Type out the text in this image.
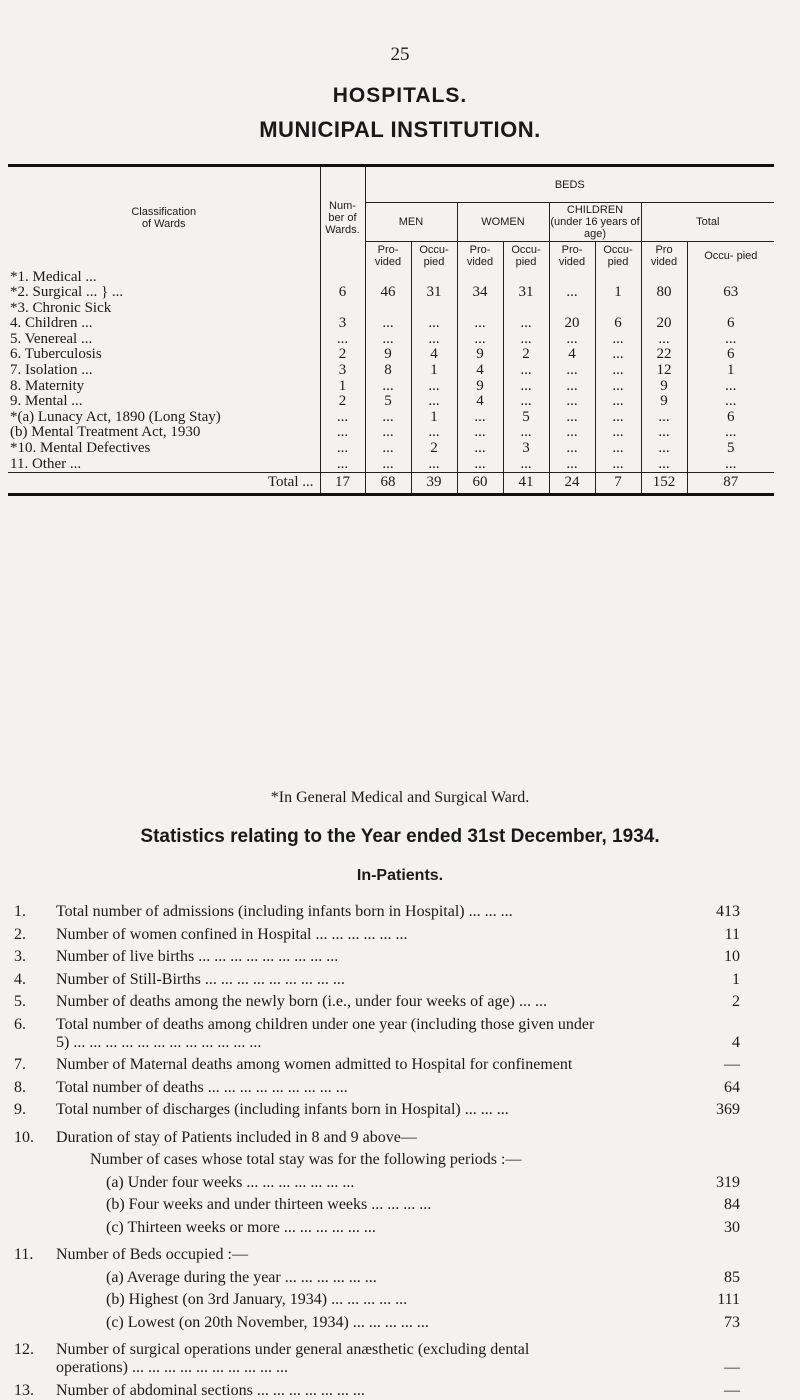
25
HOSPITALS.
MUNICIPAL INSTITUTION.
Classification of Wards	Num- ber of Wards.	BEDS							
		MEN		WOMEN		CHILDREN (under 16 years of age)		Total	
		Pro- vided	Occu- pied	Pro- vided	Occu- pied	Pro- vided	Occu- pied	Pro vided	Occu- pied
*1. Medical ...									
*2. Surgical ... } ...	6	46	31	34	31	...	1	80	63
*3. Chronic Sick									
4. Children ...	3	...	...	...	...	20	6	20	6
5. Venereal ...	...	...	...	...	...	...	...	...	...
6. Tuberculosis	2	9	4	9	2	4	...	22	6
7. Isolation ...	3	8	1	4	...	...	...	12	1
8. Maternity	1	...	...	9	...	...	...	9	...
9. Mental ...	2	5	...	4	...	...	...	9	...
*(a) Lunacy Act, 1890 (Long Stay)	...	...	1	...	5	...	...	...	6
(b) Mental Treatment Act, 1930	...	...	...	...	...	...	...	...	...
*10. Mental Defectives	...	...	2	...	3	...	...	...	5
11. Other ...	...	...	...	...	...	...	...	...	...
Total ...	17	68	39	60	41	24	7	152	87
*In General Medical and Surgical Ward.
Statistics relating to the Year ended 31st December, 1934.
In-Patients.
1. Total number of admissions (including infants born in Hospital) ... ... ...	413
2. Number of women confined in Hospital ... ... ... ... ... ...	11
3. Number of live births ... ... ... ... ... ... ... ... ...	10
4. Number of Still-Births ... ... ... ... ... ... ... ... ...	1
5. Number of deaths among the newly born (i.e., under four weeks of age) ... ...	2
6. Total number of deaths among children under one year (including those given under
5) ... ... ... ... ... ... ... ... ... ... ... ...	4
7. Number of Maternal deaths among women admitted to Hospital for confinement	—
8. Total number of deaths ... ... ... ... ... ... ... ... ...	64
9. Total number of discharges (including infants born in Hospital) ... ... ...	369
10. Duration of stay of Patients included in 8 and 9 above—
Number of cases whose total stay was for the following periods :—
(a) Under four weeks ... ... ... ... ... ... ...	319
(b) Four weeks and under thirteen weeks ... ... ... ...	84
(c) Thirteen weeks or more ... ... ... ... ... ...	30
11. Number of Beds occupied :—
(a) Average during the year ... ... ... ... ... ...	85
(b) Highest (on 3rd January, 1934) ... ... ... ... ...	111
(c) Lowest (on 20th November, 1934) ... ... ... ... ...	73
12. Number of surgical operations under general anæsthetic (excluding dental
operations) ... ... ... ... ... ... ... ... ... ...	—
13. Number of abdominal sections ... ... ... ... ... ... ...	—
